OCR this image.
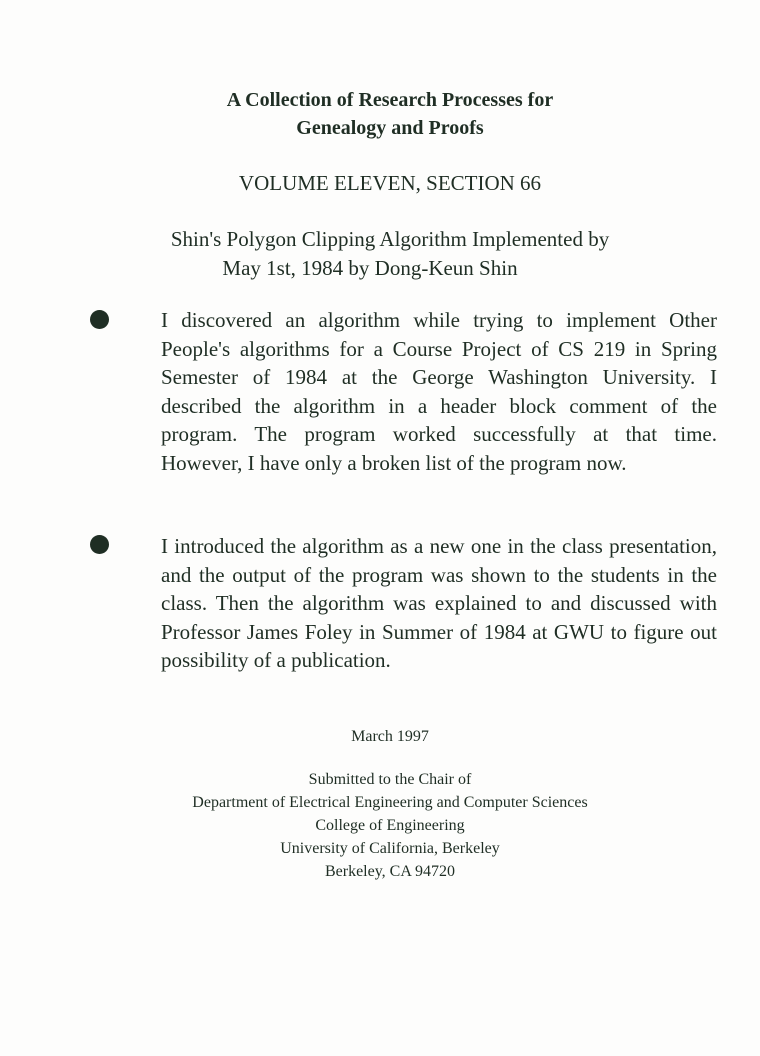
A Collection of Research Processes for
Genealogy and Proofs
VOLUME ELEVEN, SECTION 66
Shin's Polygon Clipping Algorithm Implemented by
May 1st, 1984 by Dong-Keun Shin
I discovered an algorithm while trying to implement Other People's algorithms for a Course Project of CS 219 in Spring Semester of 1984 at the George Washington University. I described the algorithm in a header block comment of the program. The program worked successfully at that time. However, I have only a broken list of the program now.
I introduced the algorithm as a new one in the class presentation, and the output of the program was shown to the students in the class. Then the algorithm was explained to and discussed with Professor James Foley in Summer of 1984 at GWU to figure out possibility of a publication.
March 1997
Submitted to the Chair of
Department of Electrical Engineering and Computer Sciences
College of Engineering
University of California, Berkeley
Berkeley, CA 94720
